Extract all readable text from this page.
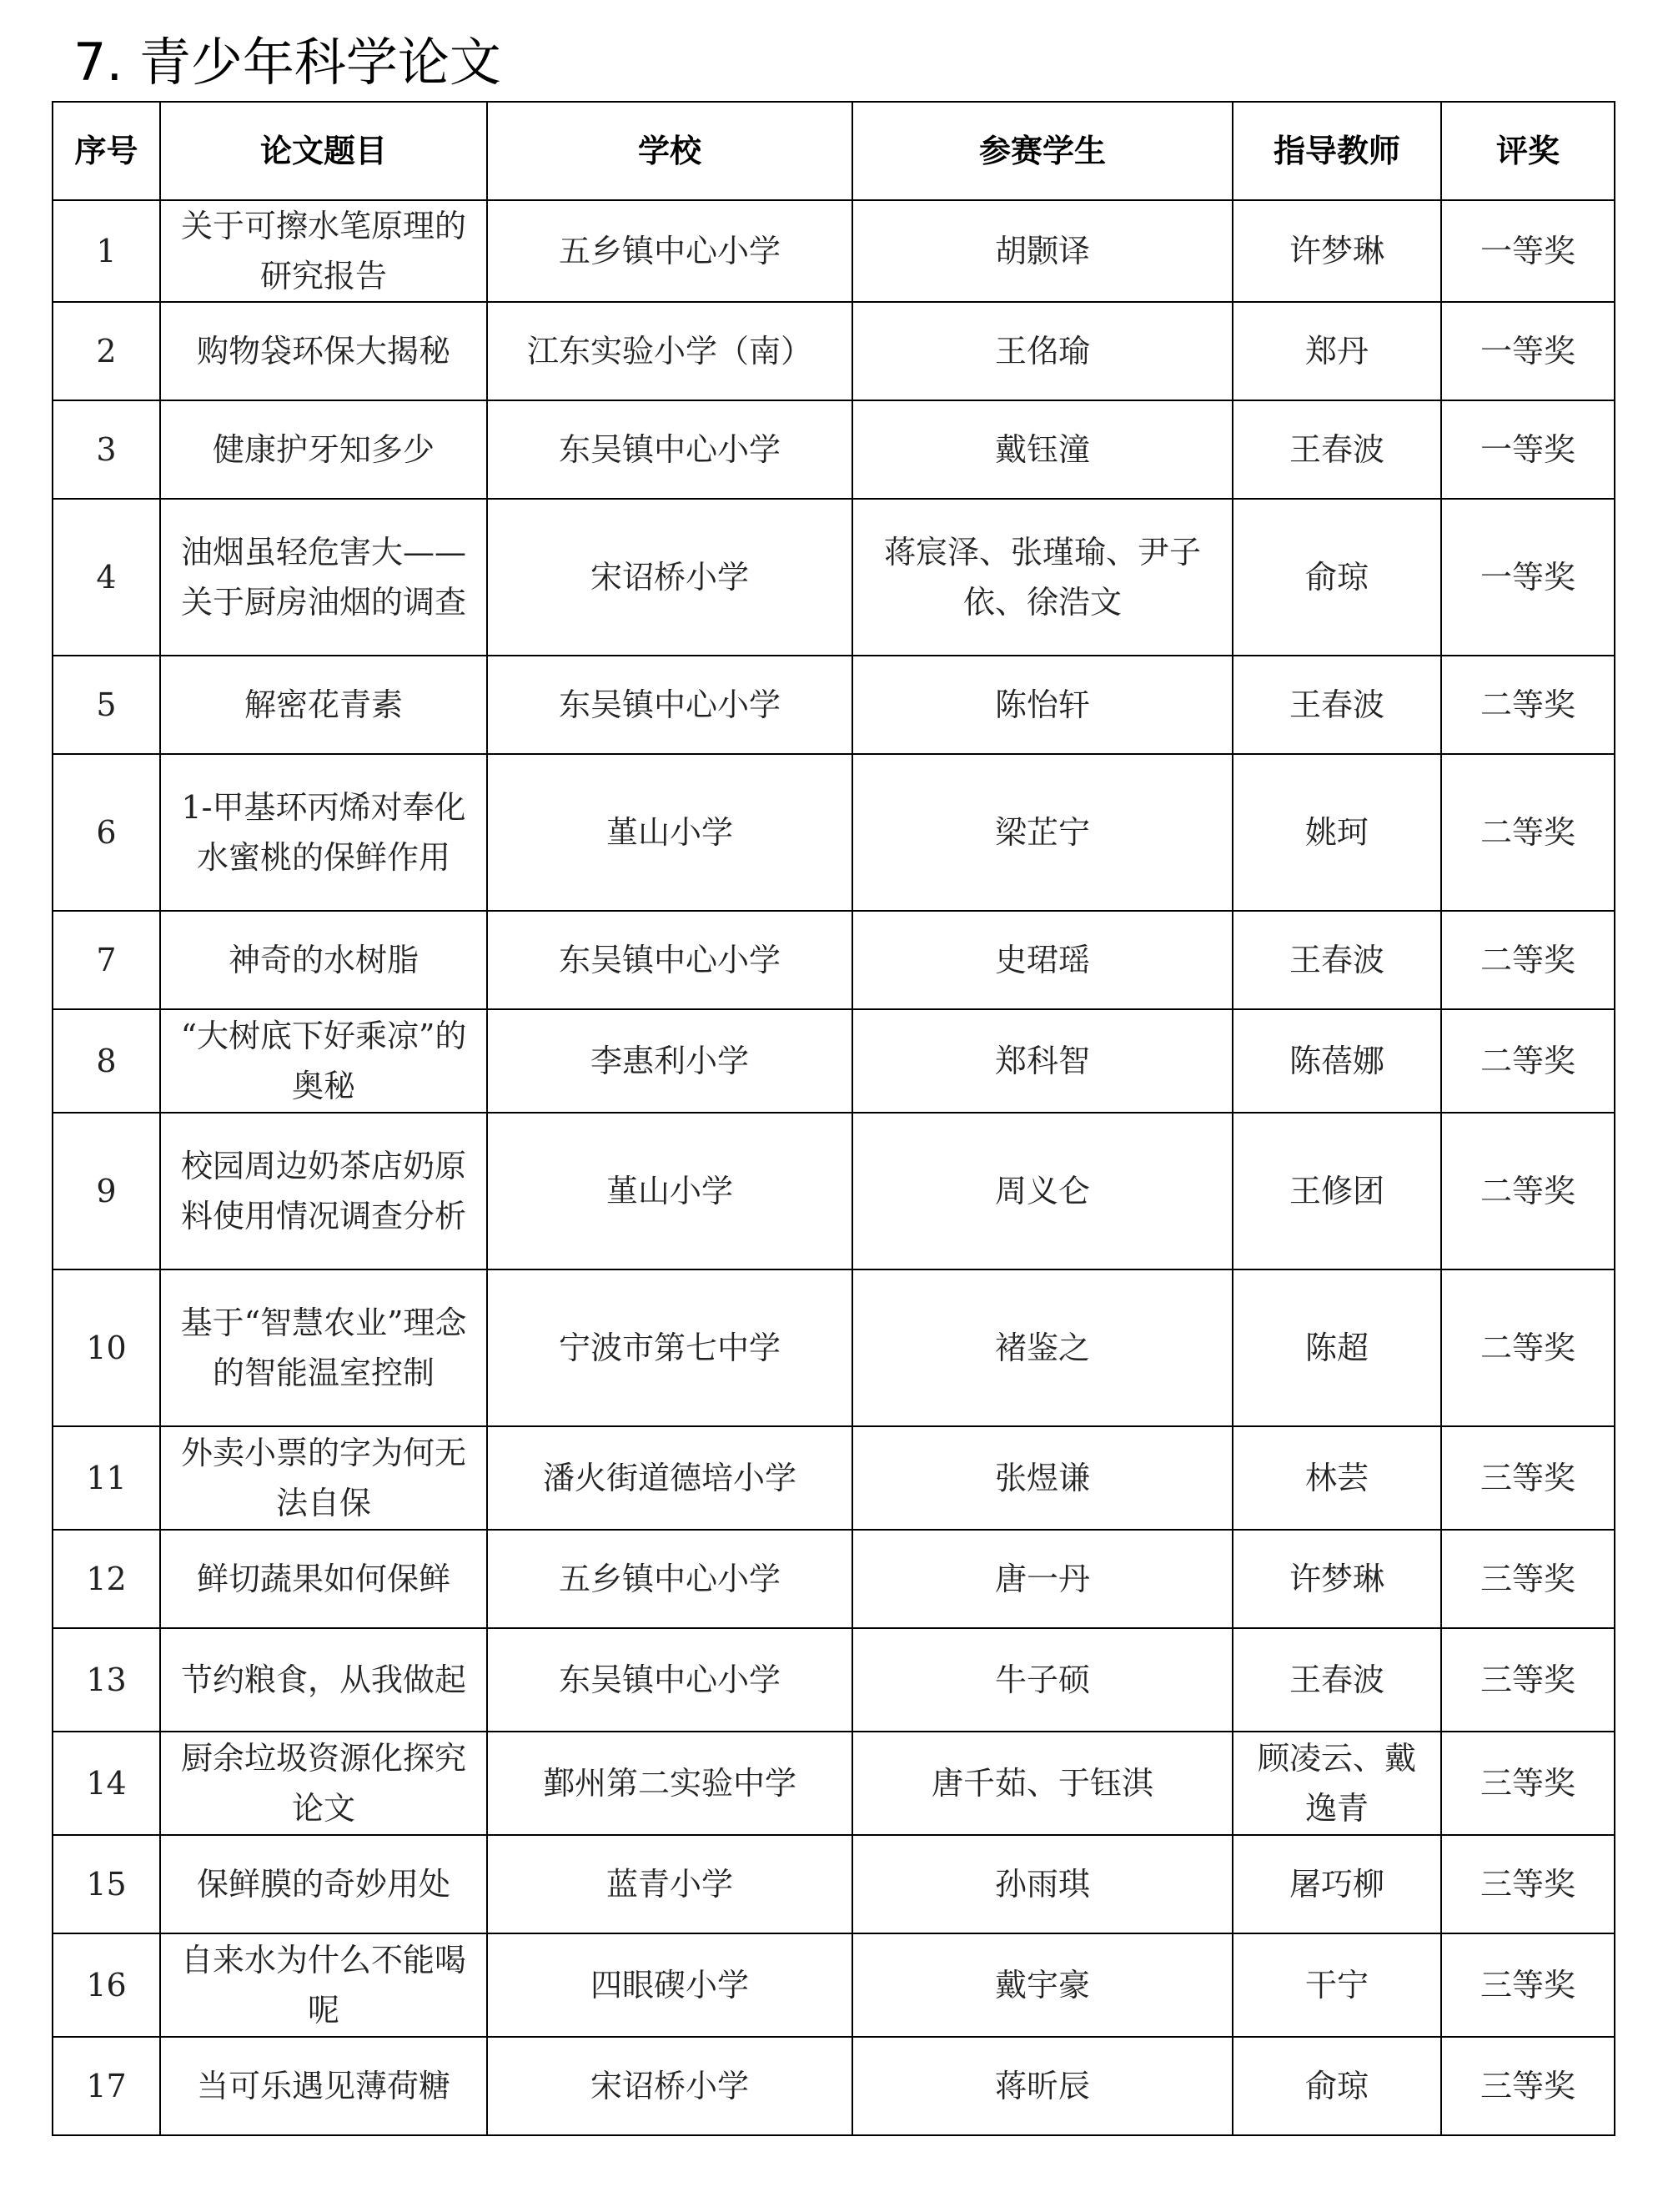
7. 青少年科学论文
序号	论文题目	学校	参赛学生	指导教师	评奖
1	关于可擦水笔原理的研究报告	五乡镇中心小学	胡颢译	许梦琳	一等奖
2	购物袋环保大揭秘	江东实验小学（南）	王佲瑜	郑丹	一等奖
3	健康护牙知多少	东吴镇中心小学	戴钰潼	王春波	一等奖
4	油烟虽轻危害大——关于厨房油烟的调查	宋诏桥小学	蒋宸泽、张瑾瑜、尹子依、徐浩文	俞琼	一等奖
5	解密花青素	东吴镇中心小学	陈怡轩	王春波	二等奖
6	1-甲基环丙烯对奉化水蜜桃的保鲜作用	堇山小学	梁芷宁	姚珂	二等奖
7	神奇的水树脂	东吴镇中心小学	史珺瑶	王春波	二等奖
8	“大树底下好乘凉”的奥秘	李惠利小学	郑科智	陈蓓娜	二等奖
9	校园周边奶茶店奶原料使用情况调查分析	堇山小学	周义仑	王修团	二等奖
10	基于“智慧农业”理念的智能温室控制	宁波市第七中学	褚鉴之	陈超	二等奖
11	外卖小票的字为何无法自保	潘火街道德培小学	张煜谦	林芸	三等奖
12	鲜切蔬果如何保鲜	五乡镇中心小学	唐一丹	许梦琳	三等奖
13	节约粮食，从我做起	东吴镇中心小学	牛子硕	王春波	三等奖
14	厨余垃圾资源化探究论文	鄞州第二实验中学	唐千茹、于钰淇	顾凌云、戴逸青	三等奖
15	保鲜膜的奇妙用处	蓝青小学	孙雨琪	屠巧柳	三等奖
16	自来水为什么不能喝呢	四眼碶小学	戴宇豪	干宁	三等奖
17	当可乐遇见薄荷糖	宋诏桥小学	蒋昕辰	俞琼	三等奖
